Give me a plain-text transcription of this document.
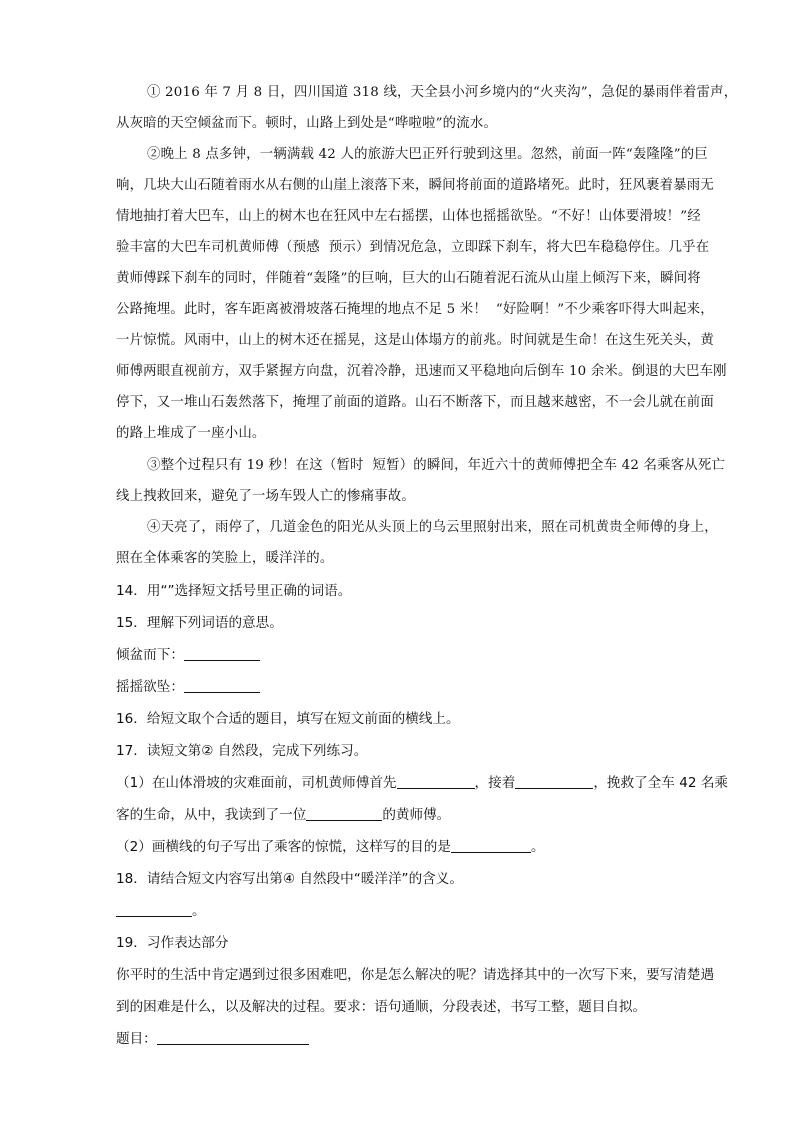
① 2016 年 7 月 8 日，四川国道 318 线，天全县小河乡境内的“火夹沟”，急促的暴雨伴着雷声，
从灰暗的天空倾盆而下。顿时，山路上到处是“哗啦啦”的流水。
②晚上 8 点多钟，一辆满载 42 人的旅游大巴正歼行驶到这里。忽然，前面一阵“轰隆隆”的巨
响，几块大山石随着雨水从右侧的山崖上滚落下来，瞬间将前面的道路堵死。此时，狂风裹着暴雨无
情地抽打着大巴车，山上的树木也在狂风中左右摇摆，山体也摇摇欲坠。“不好！山体要滑坡！”经
验丰富的大巴车司机黄师傅（预感  预示）到情况危急，立即踩下刹车，将大巴车稳稳停住。几乎在
黄师傅踩下刹车的同时，伴随着“轰隆”的巨响，巨大的山石随着泥石流从山崖上倾泻下来，瞬间将
公路掩埋。此时，客车距离被滑坡落石掩埋的地点不足 5 米！  “好险啊！”不少乘客吓得大叫起来，
一片惊慌。风雨中，山上的树木还在摇晃，这是山体塌方的前兆。时间就是生命！在这生死关头，黄
师傅两眼直视前方，双手紧握方向盘，沉着冷静，迅速而又平稳地向后倒车 10 余米。倒退的大巴车刚
停下，又一堆山石轰然落下，掩埋了前面的道路。山石不断落下，而且越来越密，不一会儿就在前面
的路上堆成了一座小山。
③整个过程只有 19 秒！在这（暂时  短暂）的瞬间，年近六十的黄师傅把全车 42 名乘客从死亡
线上拽救回来，避免了一场车毁人亡的惨痛事故。
④天亮了，雨停了，几道金色的阳光从头顶上的乌云里照射出来，照在司机黄贵全师傅的身上，
照在全体乘客的笑脸上，暖洋洋的。
14．用“”选择短文括号里正确的词语。
15．理解下列词语的意思。
倾盆而下：
摇摇欲坠：
16．给短文取个合适的题目，填写在短文前面的横线上。
17．读短文第② 自然段，完成下列练习。
（1）在山体滑坡的灾难面前，司机黄师傅首先	，接着	，挽救了全车 42 名乘
客的生命，从中，我读到了一位	的黄师傅。
（2）画横线的句子写出了乘客的惊慌，这样写的目的是	。
18．请结合短文内容写出第④ 自然段中“暖洋洋”的含义。
。
19．习作表达部分
你平时的生活中肯定遇到过很多困难吧，你是怎么解决的呢？请选择其中的一次写下来，要写清楚遇
到的困难是什么，以及解决的过程。要求：语句通顺，分段表述，书写工整，题目自拟。
题目：
